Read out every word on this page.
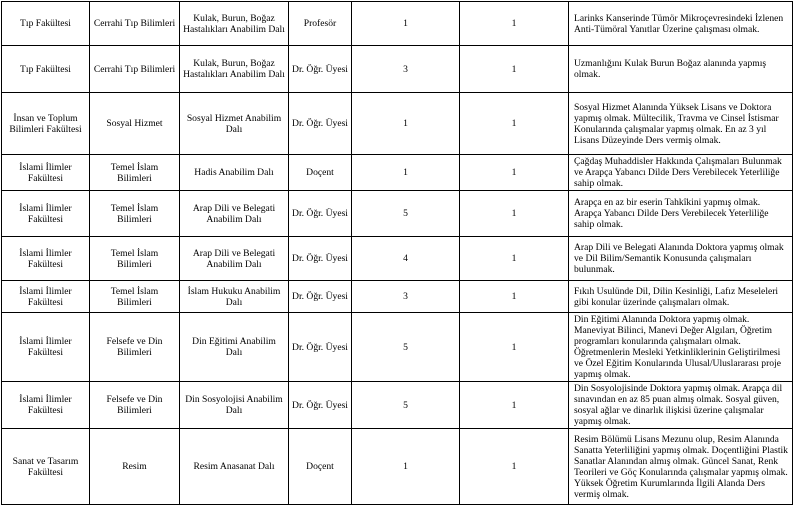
Tıp Fakültesi	Cerrahi Tıp Bilimleri	Kulak, Burun, Boğaz Hastalıkları Anabilim Dalı	Profesör	1	1	Larinks Kanserinde Tümör Mikroçevresindeki İzlenen Anti-Tümöral Yanıtlar Üzerine çalışması olmak.
Tıp Fakültesi	Cerrahi Tıp Bilimleri	Kulak, Burun, Boğaz Hastalıkları Anabilim Dalı	Dr. Öğr. Üyesi	3	1	Uzmanlığını Kulak Burun Boğaz alanında yapmış olmak.
İnsan ve Toplum Bilimleri Fakültesi	Sosyal Hizmet	Sosyal Hizmet Anabilim Dalı	Dr. Öğr. Üyesi	1	1	Sosyal Hizmet Alanında Yüksek Lisans ve Doktora yapmış olmak. Mültecilik, Travma ve Cinsel İstismar Konularında çalışmalar yapmış olmak. En az 3 yıl Lisans Düzeyinde Ders vermiş olmak.
İslami İlimler Fakültesi	Temel İslam Bilimleri	Hadis Anabilim Dalı	Doçent	1	1	Çağdaş Muhaddisler Hakkında Çalışmaları Bulunmak ve Arapça Yabancı Dilde Ders Verebilecek Yeterliliğe sahip olmak.
İslami İlimler Fakültesi	Temel İslam Bilimleri	Arap Dili ve Belegati Anabilim Dalı	Dr. Öğr. Üyesi	5	1	Arapça en az bir eserin Tahkîkini yapmış olmak. Arapça Yabancı Dilde Ders Verebilecek Yeterliliğe sahip olmak.
İslami İlimler Fakültesi	Temel İslam Bilimleri	Arap Dili ve Belegati Anabilim Dalı	Dr. Öğr. Üyesi	4	1	Arap Dili ve Belegati Alanında Doktora yapmış olmak ve Dil Bilim/Semantik Konusunda çalışmaları bulunmak.
İslami İlimler Fakültesi	Temel İslam Bilimleri	İslam Hukuku Anabilim Dalı	Dr. Öğr. Üyesi	3	1	Fıkıh Usulünde Dil, Dilin Kesinliği, Lafız Meseleleri gibi konular üzerinde çalışmaları olmak.
İslami İlimler Fakültesi	Felsefe ve Din Bilimleri	Din Eğitimi Anabilim Dalı	Dr. Öğr. Üyesi	5	1	Din Eğitimi Alanında Doktora yapmış olmak. Maneviyat Bilinci, Manevi Değer Algıları, Öğretim programları konularında çalışmaları olmak. Öğretmenlerin Mesleki Yetkinliklerinin Geliştirilmesi ve Özel Eğitim Konularında Ulusal/Uluslararası proje yapmış olmak.
İslami İlimler Fakültesi	Felsefe ve Din Bilimleri	Din Sosyolojisi Anabilim Dalı	Dr. Öğr. Üyesi	5	1	Din Sosyolojisinde Doktora yapmış olmak. Arapça dil sınavından en az 85 puan almış olmak. Sosyal güven, sosyal ağlar ve dinarlık ilişkisi üzerine çalışmalar yapmış olmak.
Sanat ve Tasarım Fakültesi	Resim	Resim Anasanat Dalı	Doçent	1	1	Resim Bölümü Lisans Mezunu olup, Resim Alanında Sanatta Yeterliliğini yapmış olmak. Doçentliğini Plastik Sanatlar Alanından almış olmak. Güncel Sanat, Renk Teorileri ve Göç Konularında çalışmalar yapmış olmak. Yüksek Öğretim Kurumlarında İlgili Alanda Ders vermiş olmak.
